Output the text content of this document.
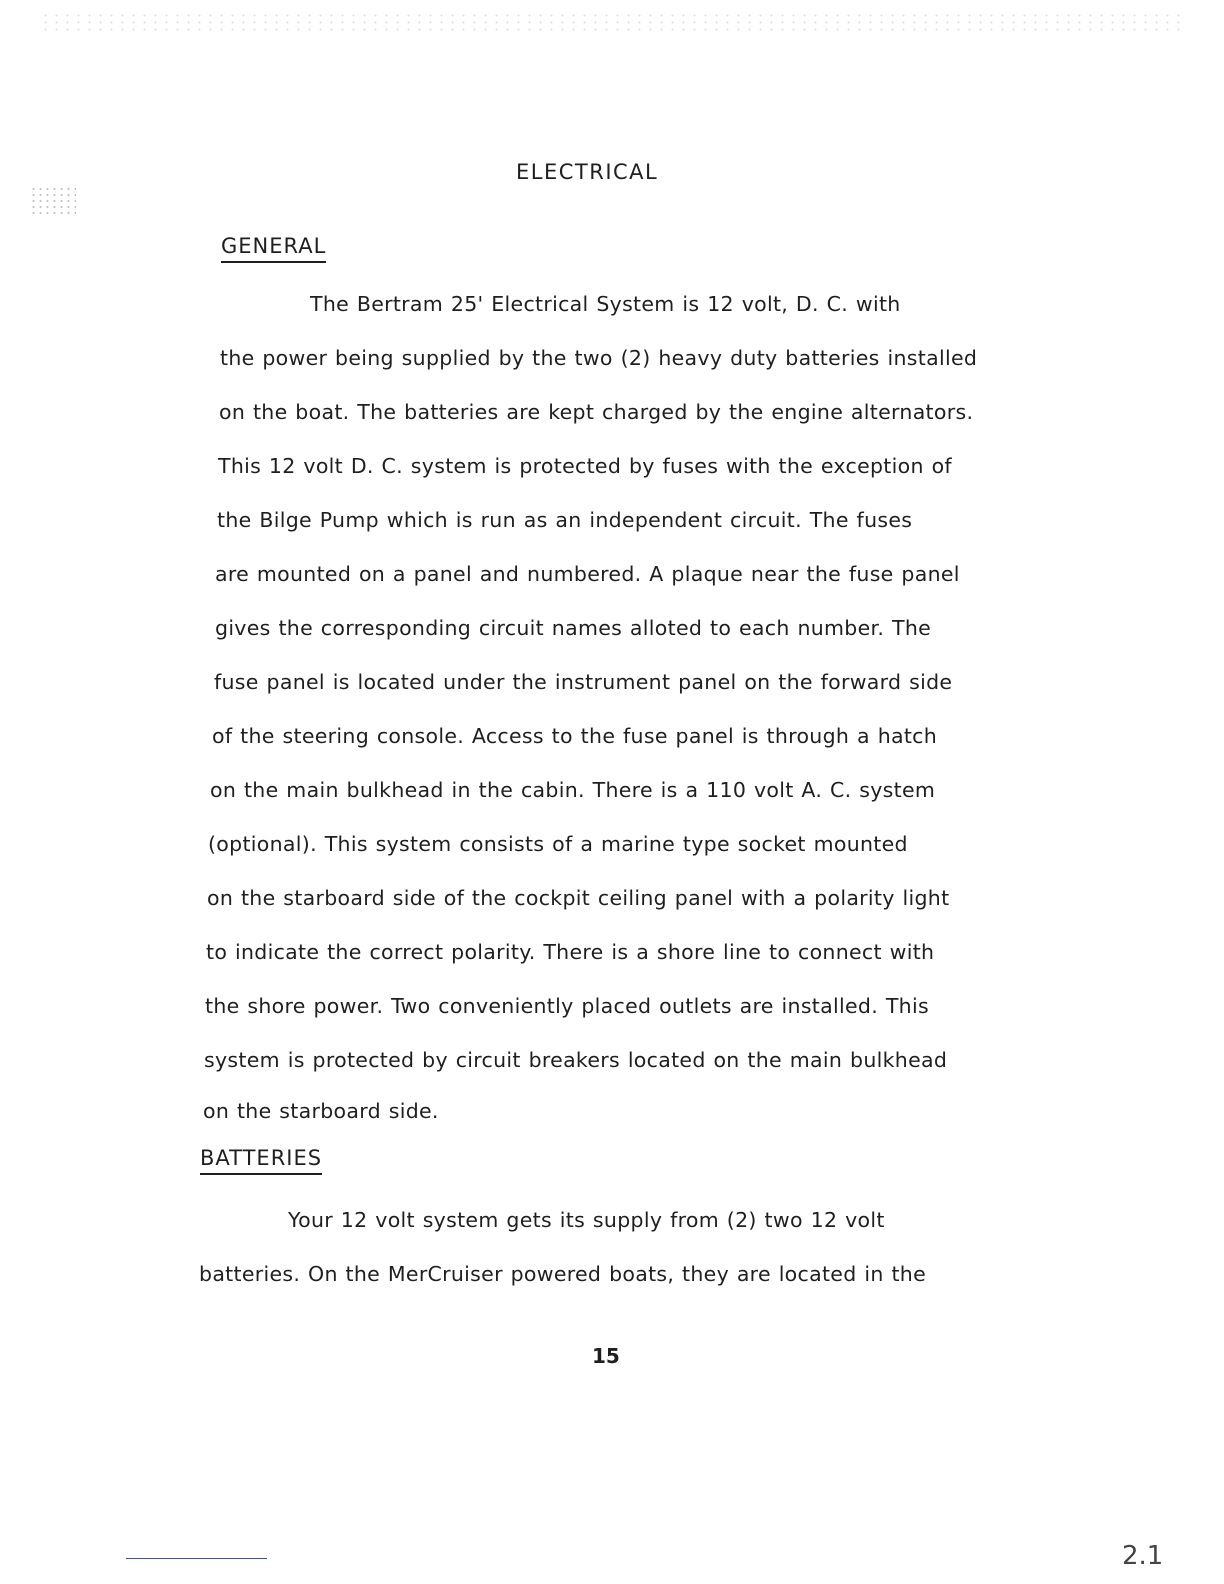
ELECTRICAL
GENERAL
The Bertram 25' Electrical System is 12 volt, D. C. with
the power being supplied by the two (2) heavy duty batteries installed
on the boat. The batteries are kept charged by the engine alternators.
This 12 volt D. C. system is protected by fuses with the exception of
the Bilge Pump which is run as an independent circuit. The fuses
are mounted on a panel and numbered. A plaque near the fuse panel
gives the corresponding circuit names alloted to each number. The
fuse panel is located under the instrument panel on the forward side
of the steering console. Access to the fuse panel is through a hatch
on the main bulkhead in the cabin. There is a 110 volt A. C. system
(optional). This system consists of a marine type socket mounted
on the starboard side of the cockpit ceiling panel with a polarity light
to indicate the correct polarity. There is a shore line to connect with
the shore power. Two conveniently placed outlets are installed. This
system is protected by circuit breakers located on the main bulkhead
on the starboard side.
BATTERIES
Your 12 volt system gets its supply from (2) two 12 volt
batteries. On the MerCruiser powered boats, they are located in the
15
2.1
